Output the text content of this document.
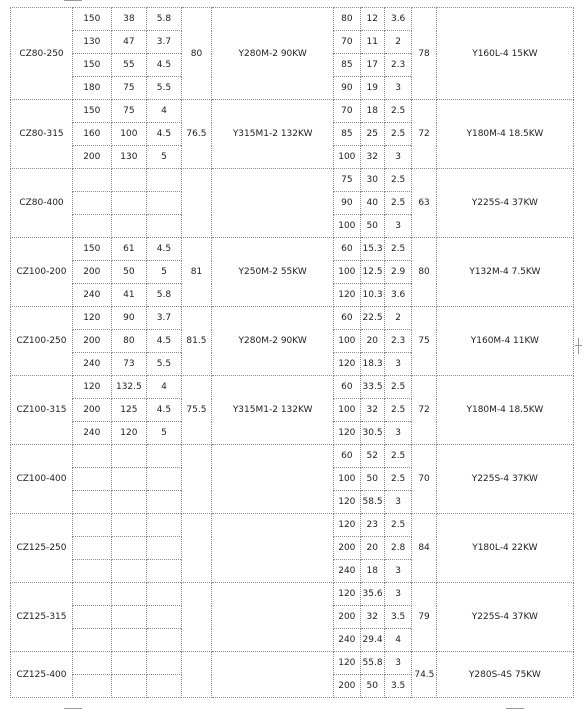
CZ80-250	150	38	5.8	80	Y280M-2 90KW	80	12	3.6	78	Y160L-4 15KW
	130	47	3.7			70	11	2		
	150	55	4.5			85	17	2.3		
	180	75	5.5			90	19	3		
CZ80-315	150	75	4	76.5	Y315M1-2 132KW	70	18	2.5	72	Y180M-4 18.5KW
	160	100	4.5			85	25	2.5		
	200	130	5			100	32	3		
CZ80-400						75	30	2.5	63	Y225S-4 37KW
						90	40	2.5		
						100	50	3		
CZ100-200	150	61	4.5	81	Y250M-2 55KW	60	15.3	2.5	80	Y132M-4 7.5KW
	200	50	5			100	12.5	2.9		
	240	41	5.8			120	10.3	3.6		
CZ100-250	120	90	3.7	81.5	Y280M-2 90KW	60	22.5	2	75	Y160M-4 11KW
	200	80	4.5			100	20	2.3		
	240	73	5.5			120	18.3	3		
CZ100-315	120	132.5	4	75.5	Y315M1-2 132KW	60	33.5	2.5	72	Y180M-4 18.5KW
	200	125	4.5			100	32	2.5		
	240	120	5			120	30.5	3		
CZ100-400						60	52	2.5	70	Y225S-4 37KW
						100	50	2.5		
						120	58.5	3		
CZ125-250						120	23	2.5	84	Y180L-4 22KW
						200	20	2.8		
						240	18	3		
CZ125-315						120	35.6	3	79	Y225S-4 37KW
						200	32	3.5		
						240	29.4	4		
CZ125-400						120	55.8	3	74.5	Y280S-4S 75KW
						200	50	3.5		
